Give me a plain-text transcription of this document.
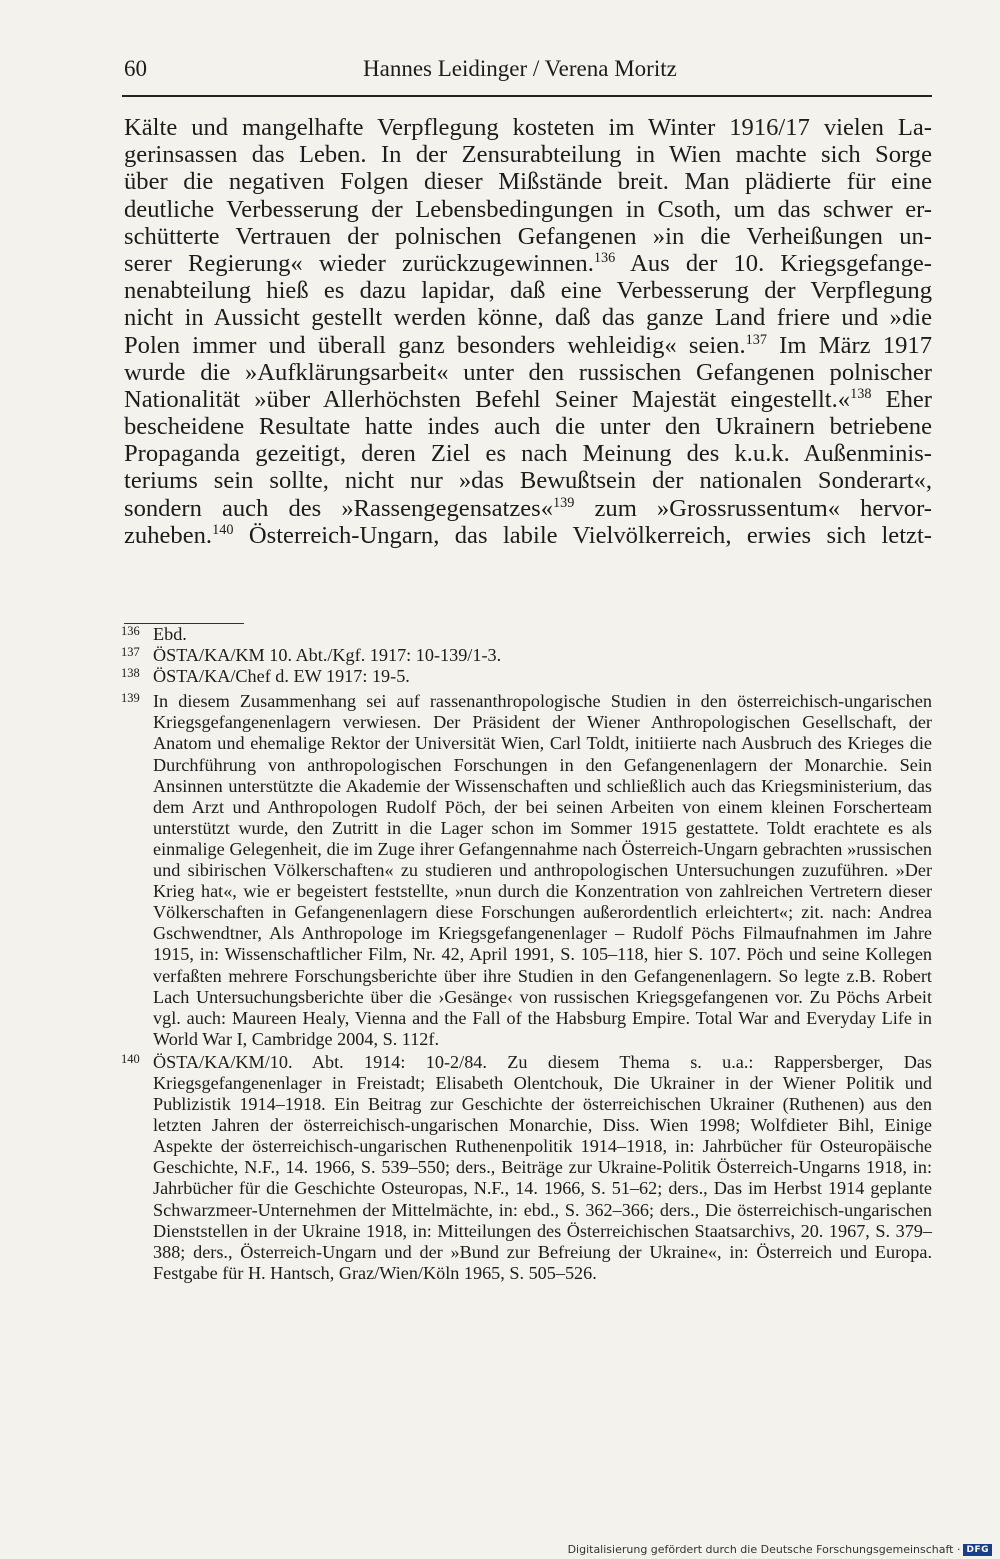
60	Hannes Leidinger / Verena Moritz
Kälte und mangelhafte Verpflegung kosteten im Winter 1916/17 vielen La-
gerinsassen das Leben. In der Zensurabteilung in Wien machte sich Sorge
über die negativen Folgen dieser Mißstände breit. Man plädierte für eine
deutliche Verbesserung der Lebensbedingungen in Csoth, um das schwer er-
schütterte Vertrauen der polnischen Gefangenen »in die Verheißungen un-
serer Regierung« wieder zurückzugewinnen.$^{136}$ Aus der 10. Kriegsgefange-
nenabteilung hieß es dazu lapidar, daß eine Verbesserung der Verpflegung
nicht in Aussicht gestellt werden könne, daß das ganze Land friere und »die
Polen immer und überall ganz besonders wehleidig« seien.$^{137}$ Im März 1917
wurde die »Aufklärungsarbeit« unter den russischen Gefangenen polnischer
Nationalität »über Allerhöchsten Befehl Seiner Majestät eingestellt.«$^{138}$ Eher
bescheidene Resultate hatte indes auch die unter den Ukrainern betriebene
Propaganda gezeitigt, deren Ziel es nach Meinung des k.u.k. Außenminis-
teriums sein sollte, nicht nur »das Bewußtsein der nationalen Sonderart«,
sondern auch des »Rassengegensatzes«$^{139}$ zum »Grossrussentum« hervor-
zuheben.$^{140}$ Österreich-Ungarn, das labile Vielvölkerreich, erwies sich letzt-
136 Ebd.
137 ÖSTA/KA/KM 10. Abt./Kgf. 1917: 10-139/1-3.
138 ÖSTA/KA/Chef d. EW 1917: 19-5.
139 In diesem Zusammenhang sei auf rassenanthropologische Studien in den österreichisch-ungarischen Kriegsgefangenenlagern verwiesen. Der Präsident der Wiener Anthropologischen Gesellschaft, der Anatom und ehemalige Rektor der Universität Wien, Carl Toldt, initiierte nach Ausbruch des Krieges die Durchführung von anthropologischen Forschungen in den Gefangenenlagern der Monarchie. Sein Ansinnen unterstützte die Akademie der Wissenschaften und schließlich auch das Kriegsministerium, das dem Arzt und Anthropologen Rudolf Pöch, der bei seinen Arbeiten von einem kleinen Forscherteam unterstützt wurde, den Zutritt in die Lager schon im Sommer 1915 gestattete. Toldt erachtete es als einmalige Gelegenheit, die im Zuge ihrer Gefangennahme nach Österreich-Ungarn gebrachten »russischen und sibirischen Völkerschaften« zu studieren und anthropologischen Untersuchungen zuzuführen. »Der Krieg hat«, wie er begeistert feststellte, »nun durch die Konzentration von zahlreichen Vertretern dieser Völkerschaften in Gefangenenlagern diese Forschungen außerordentlich erleichtert«; zit. nach: Andrea Gschwendtner, Als Anthropologe im Kriegsgefangenenlager – Rudolf Pöchs Filmaufnahmen im Jahre 1915, in: Wissenschaftlicher Film, Nr. 42, April 1991, S. 105–118, hier S. 107. Pöch und seine Kollegen verfaßten mehrere Forschungsberichte über ihre Studien in den Gefangenenlagern. So legte z.B. Robert Lach Untersuchungsberichte über die ›Gesänge‹ von russischen Kriegsgefangenen vor. Zu Pöchs Arbeit vgl. auch: Maureen Healy, Vienna and the Fall of the Habsburg Empire. Total War and Everyday Life in World War I, Cambridge 2004, S. 112f.
140 ÖSTA/KA/KM/10. Abt. 1914: 10-2/84. Zu diesem Thema s. u.a.: Rappersberger, Das Kriegsgefangenenlager in Freistadt; Elisabeth Olentchouk, Die Ukrainer in der Wiener Politik und Publizistik 1914–1918. Ein Beitrag zur Geschichte der österreichischen Ukrainer (Ruthenen) aus den letzten Jahren der österreichisch-ungarischen Monarchie, Diss. Wien 1998; Wolfdieter Bihl, Einige Aspekte der österreichisch-ungarischen Ruthenenpolitik 1914–1918, in: Jahrbücher für Osteuropäische Geschichte, N.F., 14. 1966, S. 539–550; ders., Beiträge zur Ukraine-Politik Österreich-Ungarns 1918, in: Jahrbücher für die Geschichte Osteuropas, N.F., 14. 1966, S. 51–62; ders., Das im Herbst 1914 geplante Schwarzmeer-Unternehmen der Mittelmächte, in: ebd., S. 362–366; ders., Die österreichisch-ungarischen Dienststellen in der Ukraine 1918, in: Mitteilungen des Österreichischen Staatsarchivs, 20. 1967, S. 379–388; ders., Österreich-Ungarn und der »Bund zur Befreiung der Ukraine«, in: Österreich und Europa. Festgabe für H. Hantsch, Graz/Wien/Köln 1965, S. 505–526.
Digitalisierung gefördert durch die Deutsche Forschungsgemeinschaft · DFG
